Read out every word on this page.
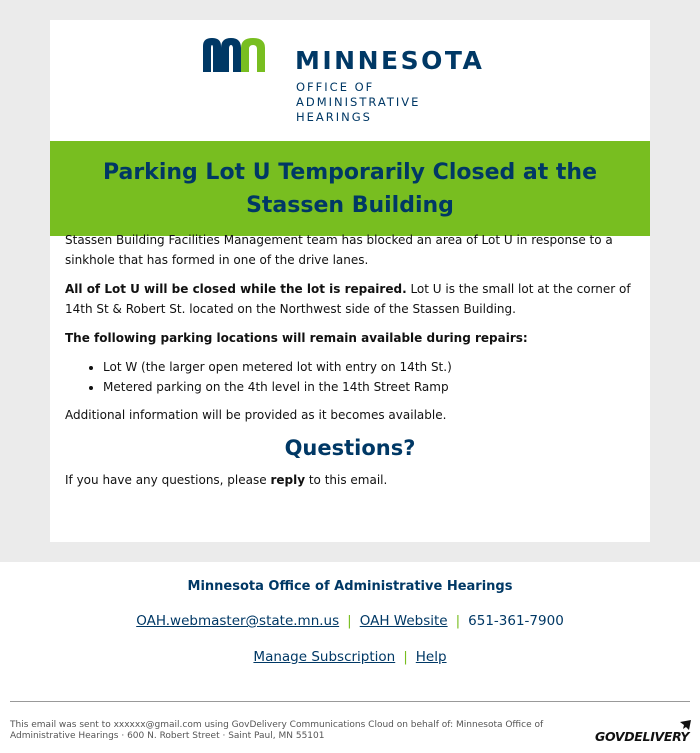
MINNESOTA
OFFICE OF
ADMINISTRATIVE
HEARINGS
Parking Lot U Temporarily Closed at the Stassen Building

Stassen Building Facilities Management team has blocked an area of Lot U in response to a sinkhole that has formed in one of the drive lanes.

All of Lot U will be closed while the lot is repaired. Lot U is the small lot at the corner of 14th St & Robert St. located on the Northwest side of the Stassen Building.

The following parking locations will remain available during repairs:

• Lot W (the larger open metered lot with entry on 14th St.)
• Metered parking on the 4th level in the 14th Street Ramp

Additional information will be provided as it becomes available.

Questions?

If you have any questions, please reply to this email.

Minnesota Office of Administrative Hearings
OAH.webmaster@state.mn.us | OAH Website | 651-361-7900
Manage Subscription | Help
This email was sent to xxxxxx@gmail.com using GovDelivery Communications Cloud on behalf of: Minnesota Office of Administrative Hearings · 600 N. Robert Street · Saint Paul, MN 55101	GOVDELIVERY
